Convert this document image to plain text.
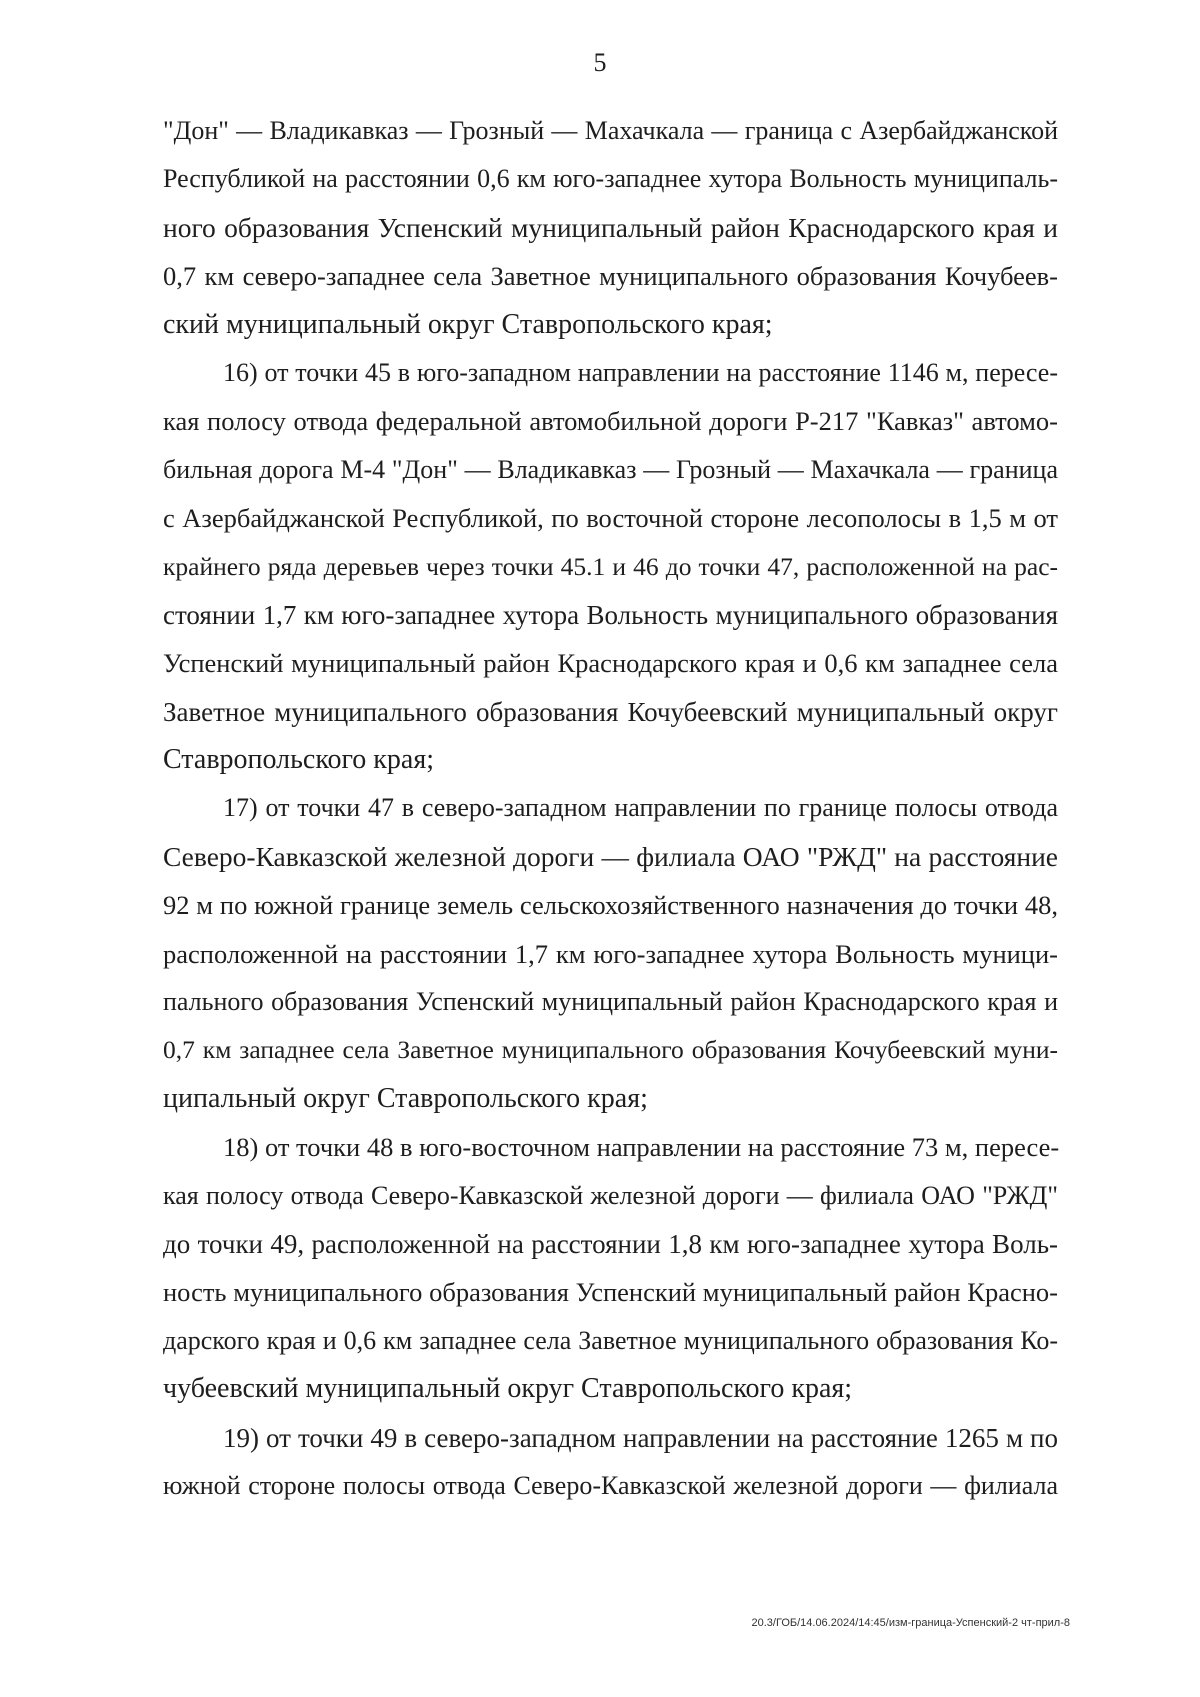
5
"Дон" — Владикавказ — Грозный — Махачкала — граница с Азербайджанской
Республикой на расстоянии 0,6 км юго-западнее хутора Вольность муниципаль-
ного образования Успенский муниципальный район Краснодарского края и
0,7 км северо-западнее села Заветное муниципального образования Кочубеев-
ский муниципальный округ Ставропольского края;
16) от точки 45 в юго-западном направлении на расстояние 1146 м, пересе-
кая полосу отвода федеральной автомобильной дороги Р-217 "Кавказ" автомо-
бильная дорога М-4 "Дон" — Владикавказ — Грозный — Махачкала — граница
с Азербайджанской Республикой, по восточной стороне лесополосы в 1,5 м от
крайнего ряда деревьев через точки 45.1 и 46 до точки 47, расположенной на рас-
стоянии 1,7 км юго-западнее хутора Вольность муниципального образования
Успенский муниципальный район Краснодарского края и 0,6 км западнее села
Заветное муниципального образования Кочубеевский муниципальный округ
Ставропольского края;
17) от точки 47 в северо-западном направлении по границе полосы отвода
Северо-Кавказской железной дороги — филиала ОАО "РЖД" на расстояние
92 м по южной границе земель сельскохозяйственного назначения до точки 48,
расположенной на расстоянии 1,7 км юго-западнее хутора Вольность муници-
пального образования Успенский муниципальный район Краснодарского края и
0,7 км западнее села Заветное муниципального образования Кочубеевский муни-
ципальный округ Ставропольского края;
18) от точки 48 в юго-восточном направлении на расстояние 73 м, пересе-
кая полосу отвода Северо-Кавказской железной дороги — филиала ОАО "РЖД"
до точки 49, расположенной на расстоянии 1,8 км юго-западнее хутора Воль-
ность муниципального образования Успенский муниципальный район Красно-
дарского края и 0,6 км западнее села Заветное муниципального образования Ко-
чубеевский муниципальный округ Ставропольского края;
19) от точки 49 в северо-западном направлении на расстояние 1265 м по
южной стороне полосы отвода Северо-Кавказской железной дороги — филиала
20.3/ГОБ/14.06.2024/14:45/изм-граница-Успенский-2 чт-прил-8
